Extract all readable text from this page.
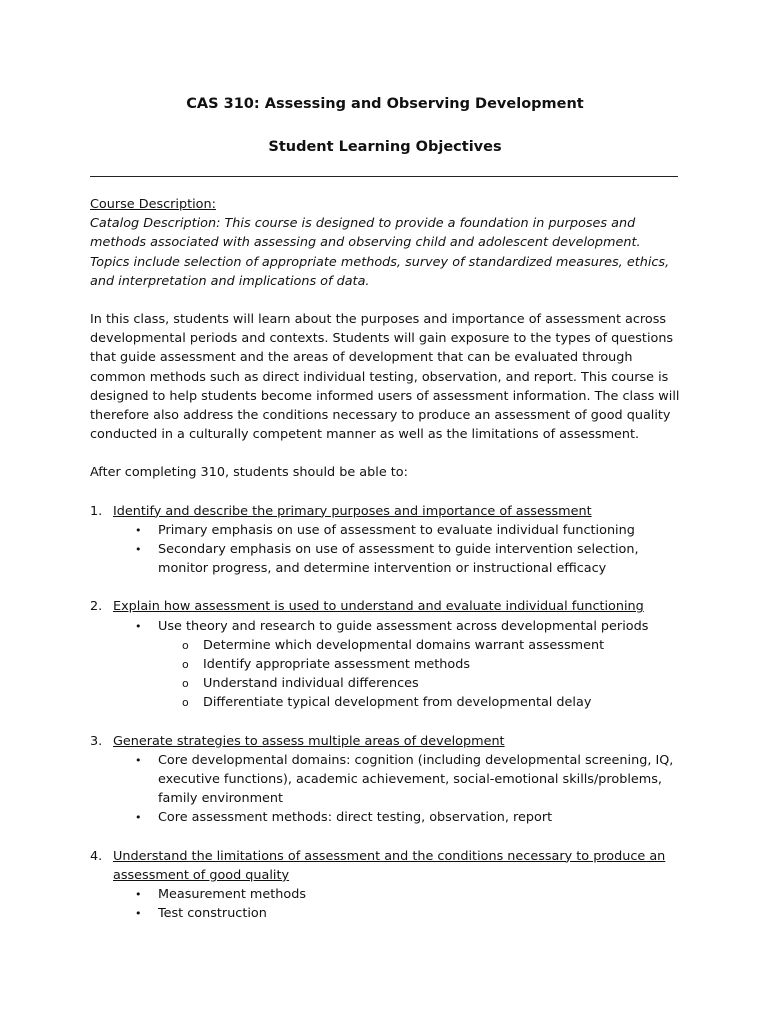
CAS 310: Assessing and Observing Development
Student Learning Objectives
Course Description:

Catalog Description: This course is designed to provide a foundation in purposes and methods associated with assessing and observing child and adolescent development. Topics include selection of appropriate methods, survey of standardized measures, ethics, and interpretation and implications of data.

In this class, students will learn about the purposes and importance of assessment across developmental periods and contexts. Students will gain exposure to the types of questions that guide assessment and the areas of development that can be evaluated through common methods such as direct individual testing, observation, and report. This course is designed to help students become informed users of assessment information. The class will therefore also address the conditions necessary to produce an assessment of good quality conducted in a culturally competent manner as well as the limitations of assessment.

After completing 310, students should be able to:

1. Identify and describe the primary purposes and importance of assessment
• Primary emphasis on use of assessment to evaluate individual functioning
• Secondary emphasis on use of assessment to guide intervention selection, monitor progress, and determine intervention or instructional efficacy
2. Explain how assessment is used to understand and evaluate individual functioning
• Use theory and research to guide assessment across developmental periods
o Determine which developmental domains warrant assessment
o Identify appropriate assessment methods
o Understand individual differences
o Differentiate typical development from developmental delay
3. Generate strategies to assess multiple areas of development
• Core developmental domains: cognition (including developmental screening, IQ, executive functions), academic achievement, social-emotional skills/problems, family environment
• Core assessment methods: direct testing, observation, report
4. Understand the limitations of assessment and the conditions necessary to produce an assessment of good quality
• Measurement methods
• Test construction
